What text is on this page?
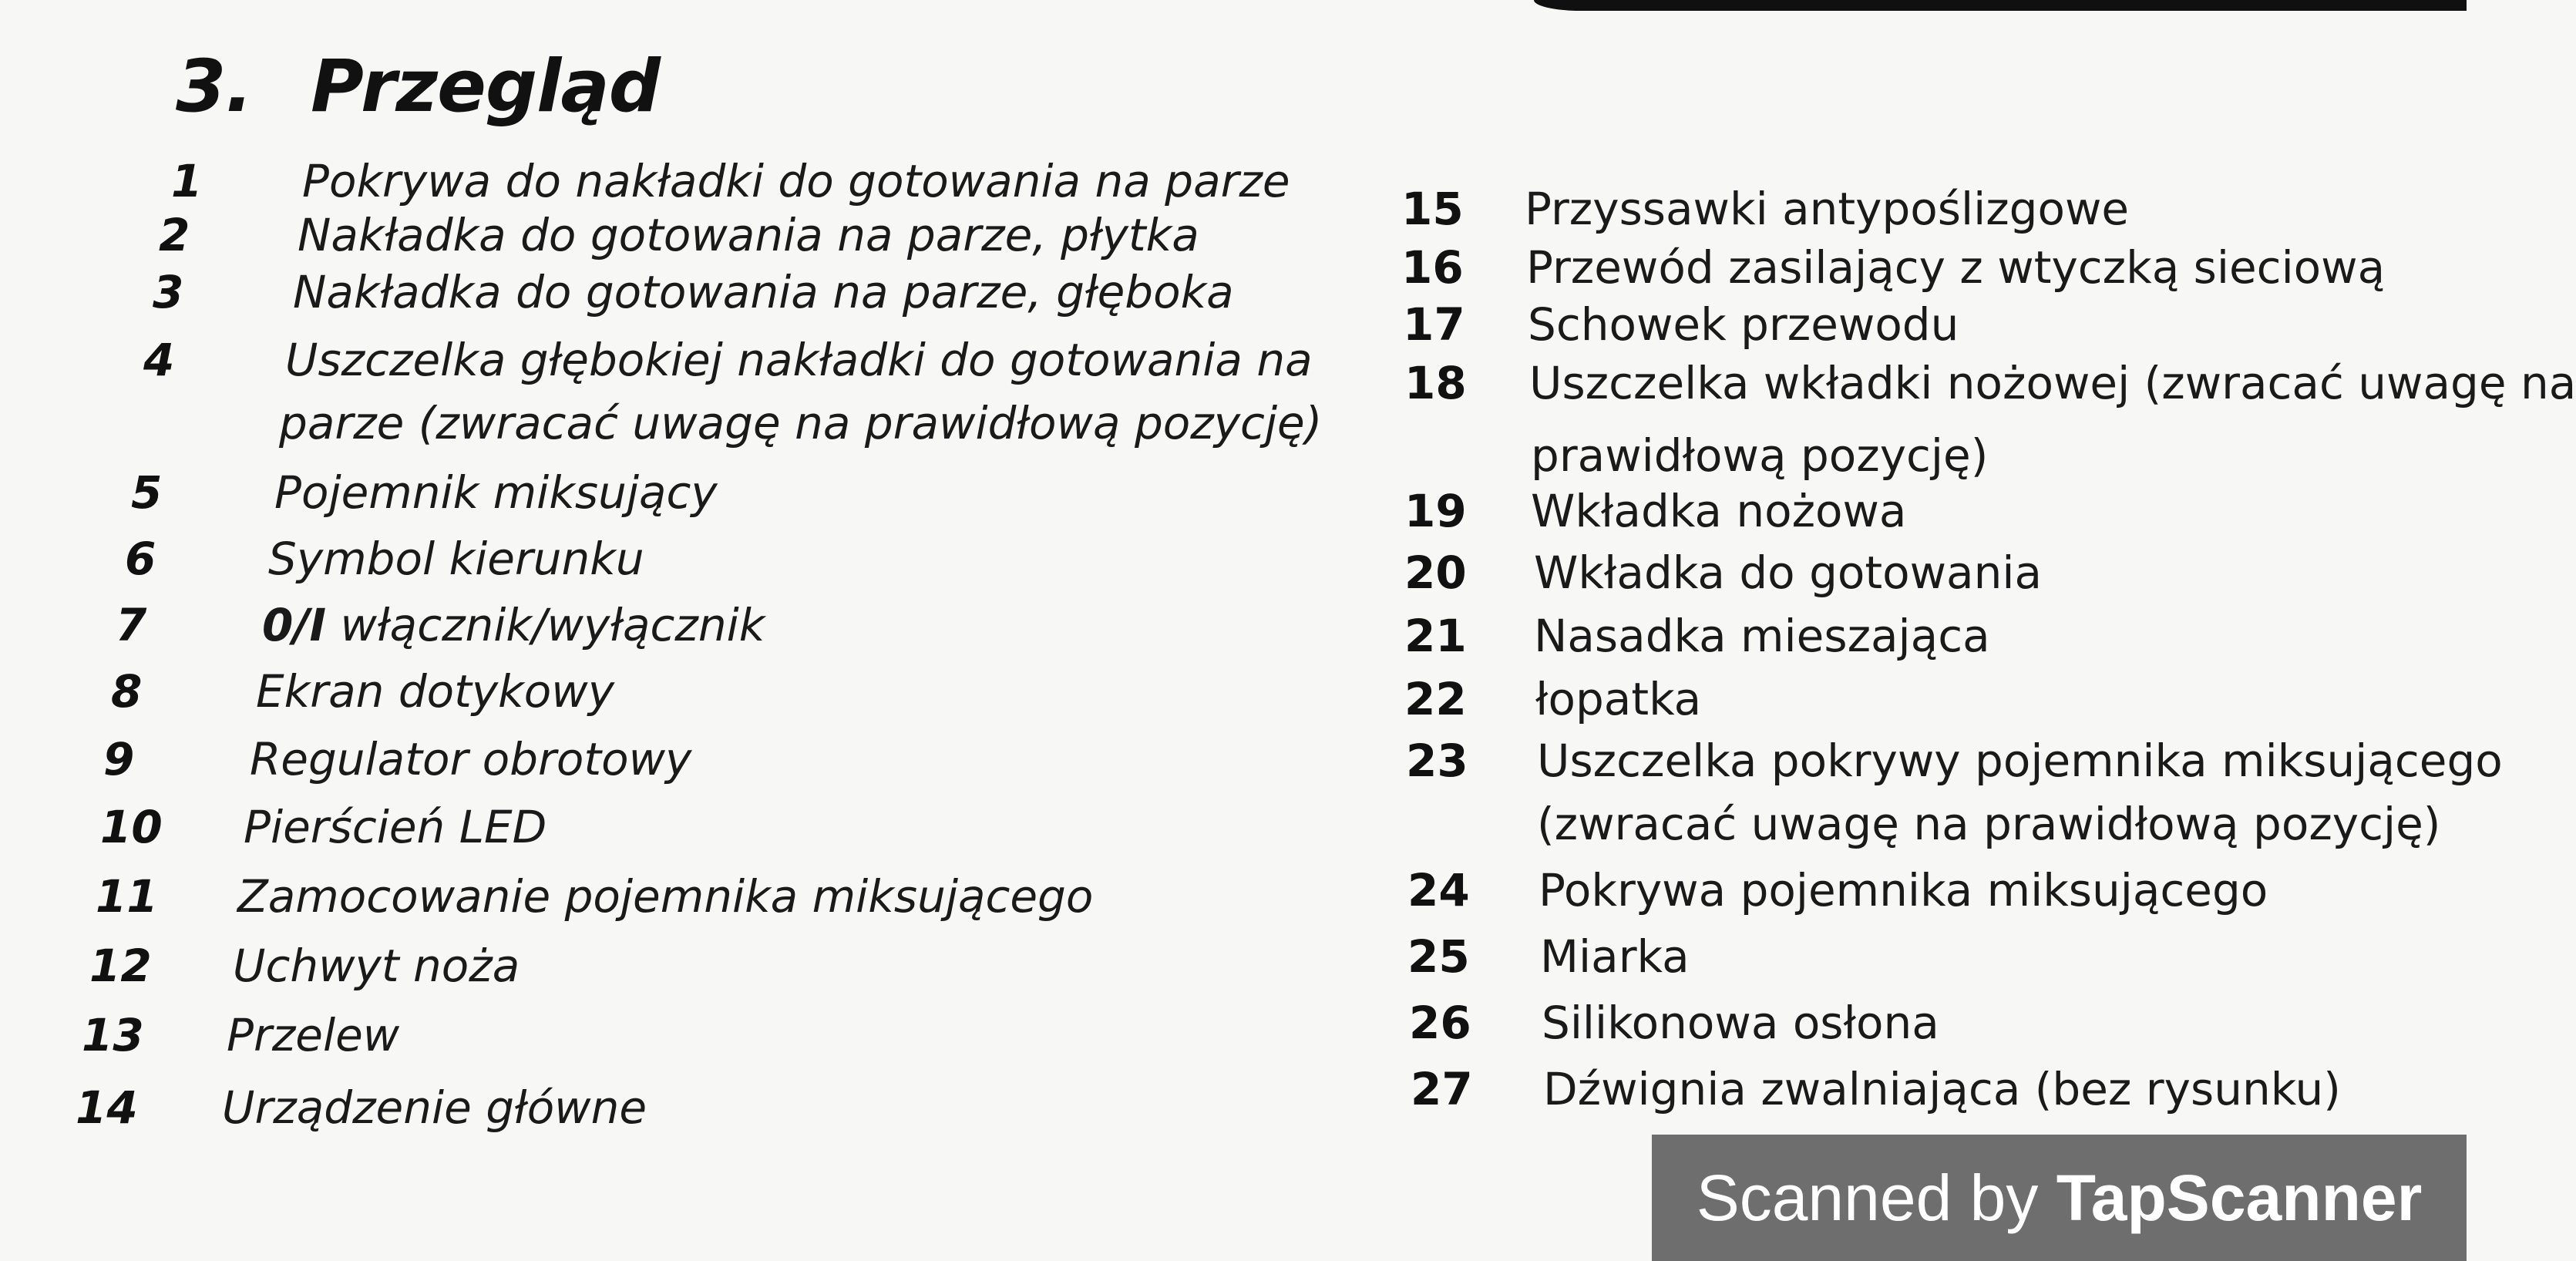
3. Przegląd
1 Pokrywa do nakładki do gotowania na parze
2 Nakładka do gotowania na parze, płytka
3 Nakładka do gotowania na parze, głęboka
4 Uszczelka głębokiej nakładki do gotowania na
parze (zwracać uwagę na prawidłową pozycję)
5	Pojemnik miksujący
6	Symbol kierunku
7	0/I włącznik/wyłącznik
8	Ekran dotykowy
9	Regulator obrotowy
10 Pierścień LED
11 Zamocowanie pojemnika miksującego
12 Uchwyt noża
13 Przelew
14 Urządzenie główne
15 Przyssawki antypoślizgowe
16 Przewód zasilający z wtyczką sieciową
17 Schowek przewodu
18 Uszczelka wkładki nożowej (zwracać uwagę na
prawidłową pozycję)
19 Wkładka nożowa
20 Wkładka do gotowania
21 Nasadka mieszająca
22 łopatka
23 Uszczelka pokrywy pojemnika miksującego
(zwracać uwagę na prawidłową pozycję)
24 Pokrywa pojemnika miksującego
25 Miarka
26 Silikonowa osłona
27 Dźwignia zwalniająca (bez rysunku)
Scanned by TapScanner
